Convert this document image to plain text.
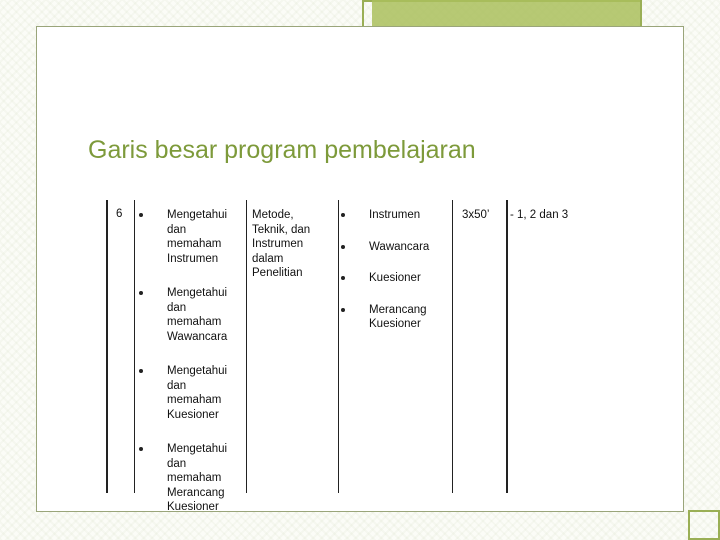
Garis besar program pembelajaran
6	Mengetahui
dan
memaham
Instrumen
Mengetahui
dan
memaham
Wawancara
Mengetahui
dan
memaham
Kuesioner
Mengetahui
dan
memaham
Merancang
Kuesioner
Metode,
Teknik, dan
Instrumen
dalam
Penelitian
Instrumen
Wawancara
Kuesioner
Merancang
Kuesioner
3x50’ - 1, 2 dan 3
